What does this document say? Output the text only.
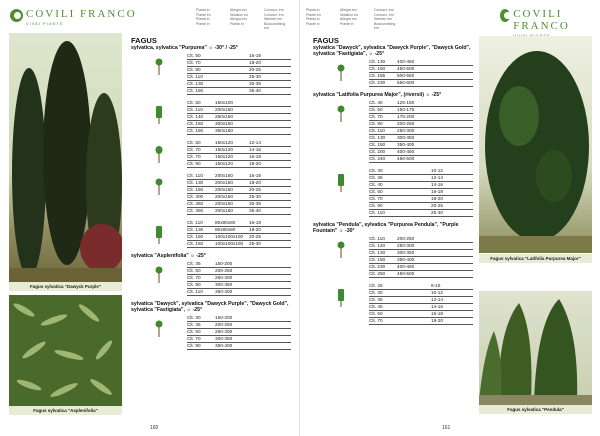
COVILI FRANCO
VIVAI PIANTE
Pianta in
Piante en
Planta in
Piante in
Allegra em
Notation en
Allegra em
Piante in
Conoscr. em
Conoscr. em
Sterben em
Buskorchbing em
Fagus sylvatica "Dawyck Purple"
Fagus sylvatica "Asplenifolia"
FAGUS
sylvatica, sylvatica "Purpurea" ☼ -30° / -25°
Clt. 50	16-18
Clt. 70	18-20
Clt. 90	20-25
Clt. 110	25-30
Clt. 130	30-35
Clt. 150	35-40
Clt. 50	150x100
Clt. 110	200x150
Clt. 140	250x150
Clt. 150	300x150
Clt. 150	350x150
Clt. 50	150x120	12-14
Clt. 70	150x120	14-16
Clt. 70	150x120	16-18
Clt. 90	150x120	18-20
Clt. 110	200x150	16-18
Clt. 130	200x150	18-20
Clt. 150	200x150	20-25
Clt. 300	200x150	25-30
Clt. 350	200x150	30-35
Clt. 350	200x150	35-40
Clt. 110	80x80x80	16-18
Clt. 130	80x80x80	18-20
Clt. 150	100x100x100	20-25
Clt. 150	100x100x100	25-30
sylvatica "Asplenifolia" ☼ -25°
Clt. 35	150-200
Clt. 50	200-250
Clt. 70	250-300
Clt. 90	300-350
Clt. 110	350-400
sylvatica "Dawyck", sylvatica "Dawyck Purple", "Dawyck Gold", sylvatica "Fastigiata", ☼ -25°
Clt. 30	150-200
Clt. 35	200-250
Clt. 50	250-300
Clt. 70	300-350
Clt. 90	350-400
160
Pianta in
Piante en
Planta in
Piante in
Allegra em
Notation en
Allegra em
Piante in
Conoscr. em
Conoscr. em
Sterben em
Buskorchbing em
COVILI FRANCO
FAGUS
sylvatica "Dawyck", sylvatica "Dawyck Purple", "Dawyck Gold", sylvatica "Fastigiata", ☼ -25°
Clt. 130	400-450
Clt. 150	450-500
Clt. 155	500-550
Clt. 230	550-600
sylvatica "Latifolia Purpurea Major", (riversii) ☼ -25°
Clt. 40	125-150
Clt. 50	150-175
Clt. 70	175-200
Clt. 90	200-250
Clt. 110	250-300
Clt. 130	300-350
Clt. 150	350-400
Clt. 200	400-450
Clt. 240	450-500
Clt. 30	10-12
Clt. 35	12-14
Clt. 40	14-16
Clt. 50	16-18
Clt. 70	18-20
Clt. 90	20-25
Clt. 110	25-30
sylvatica "Pendula", sylvatica "Purpurea Pendula", "Purple Fountain" ☼ -30°
Clt. 110	200-250
Clt. 120	250-300
Clt. 130	300-350
Clt. 150	350-400
Clt. 230	400-450
Clt. 250	450-500
Clt. 25	8-10
Clt. 30	10-12
Clt. 35	12-14
Clt. 40	14-16
Clt. 50	16-18
Clt. 70	18-20
Fagus sylvatica "Latifolia Purpurea Major"
Fagus sylvatica "Pendula"
161
